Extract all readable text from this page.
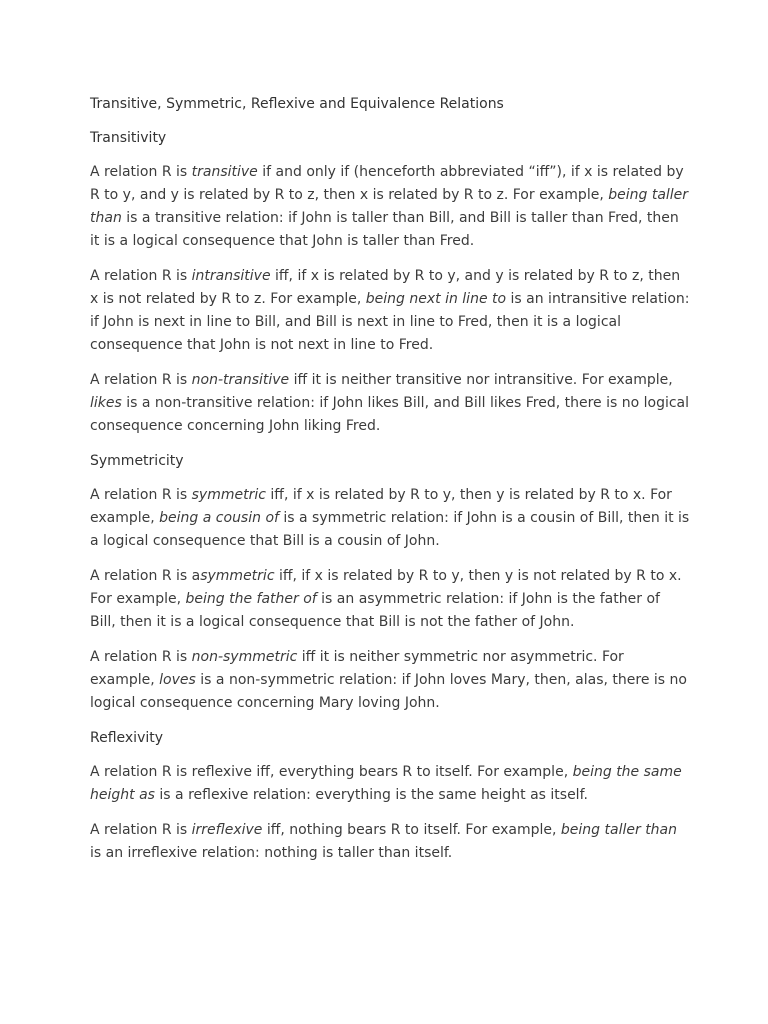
Transitive, Symmetric, Reflexive and Equivalence Relations
Transitivity

A relation R is transitive if and only if (henceforth abbreviated “iff”), if x is related by R to y, and y is related by R to z, then x is related by R to z. For example, being taller than is a transitive relation: if John is taller than Bill, and Bill is taller than Fred, then it is a logical consequence that John is taller than Fred.

A relation R is intransitive iff, if x is related by R to y, and y is related by R to z, then x is not related by R to z. For example, being next in line to is an intransitive relation: if John is next in line to Bill, and Bill is next in line to Fred, then it is a logical consequence that John is not next in line to Fred.

A relation R is non-transitive iff it is neither transitive nor intransitive. For example, likes is a non-transitive relation: if John likes Bill, and Bill likes Fred, there is no logical consequence concerning John liking Fred.

Symmetricity

A relation R is symmetric iff, if x is related by R to y, then y is related by R to x. For example, being a cousin of is a symmetric relation: if John is a cousin of Bill, then it is a logical consequence that Bill is a cousin of John.

A relation R is asymmetric iff, if x is related by R to y, then y is not related by R to x. For example, being the father of is an asymmetric relation: if John is the father of Bill, then it is a logical consequence that Bill is not the father of John.

A relation R is non-symmetric iff it is neither symmetric nor asymmetric. For example, loves is a non-symmetric relation: if John loves Mary, then, alas, there is no logical consequence concerning Mary loving John.

Reflexivity

A relation R is reflexive iff, everything bears R to itself. For example, being the same height as is a reflexive relation: everything is the same height as itself.

A relation R is irreflexive iff, nothing bears R to itself. For example, being taller than is an irreflexive relation: nothing is taller than itself.
